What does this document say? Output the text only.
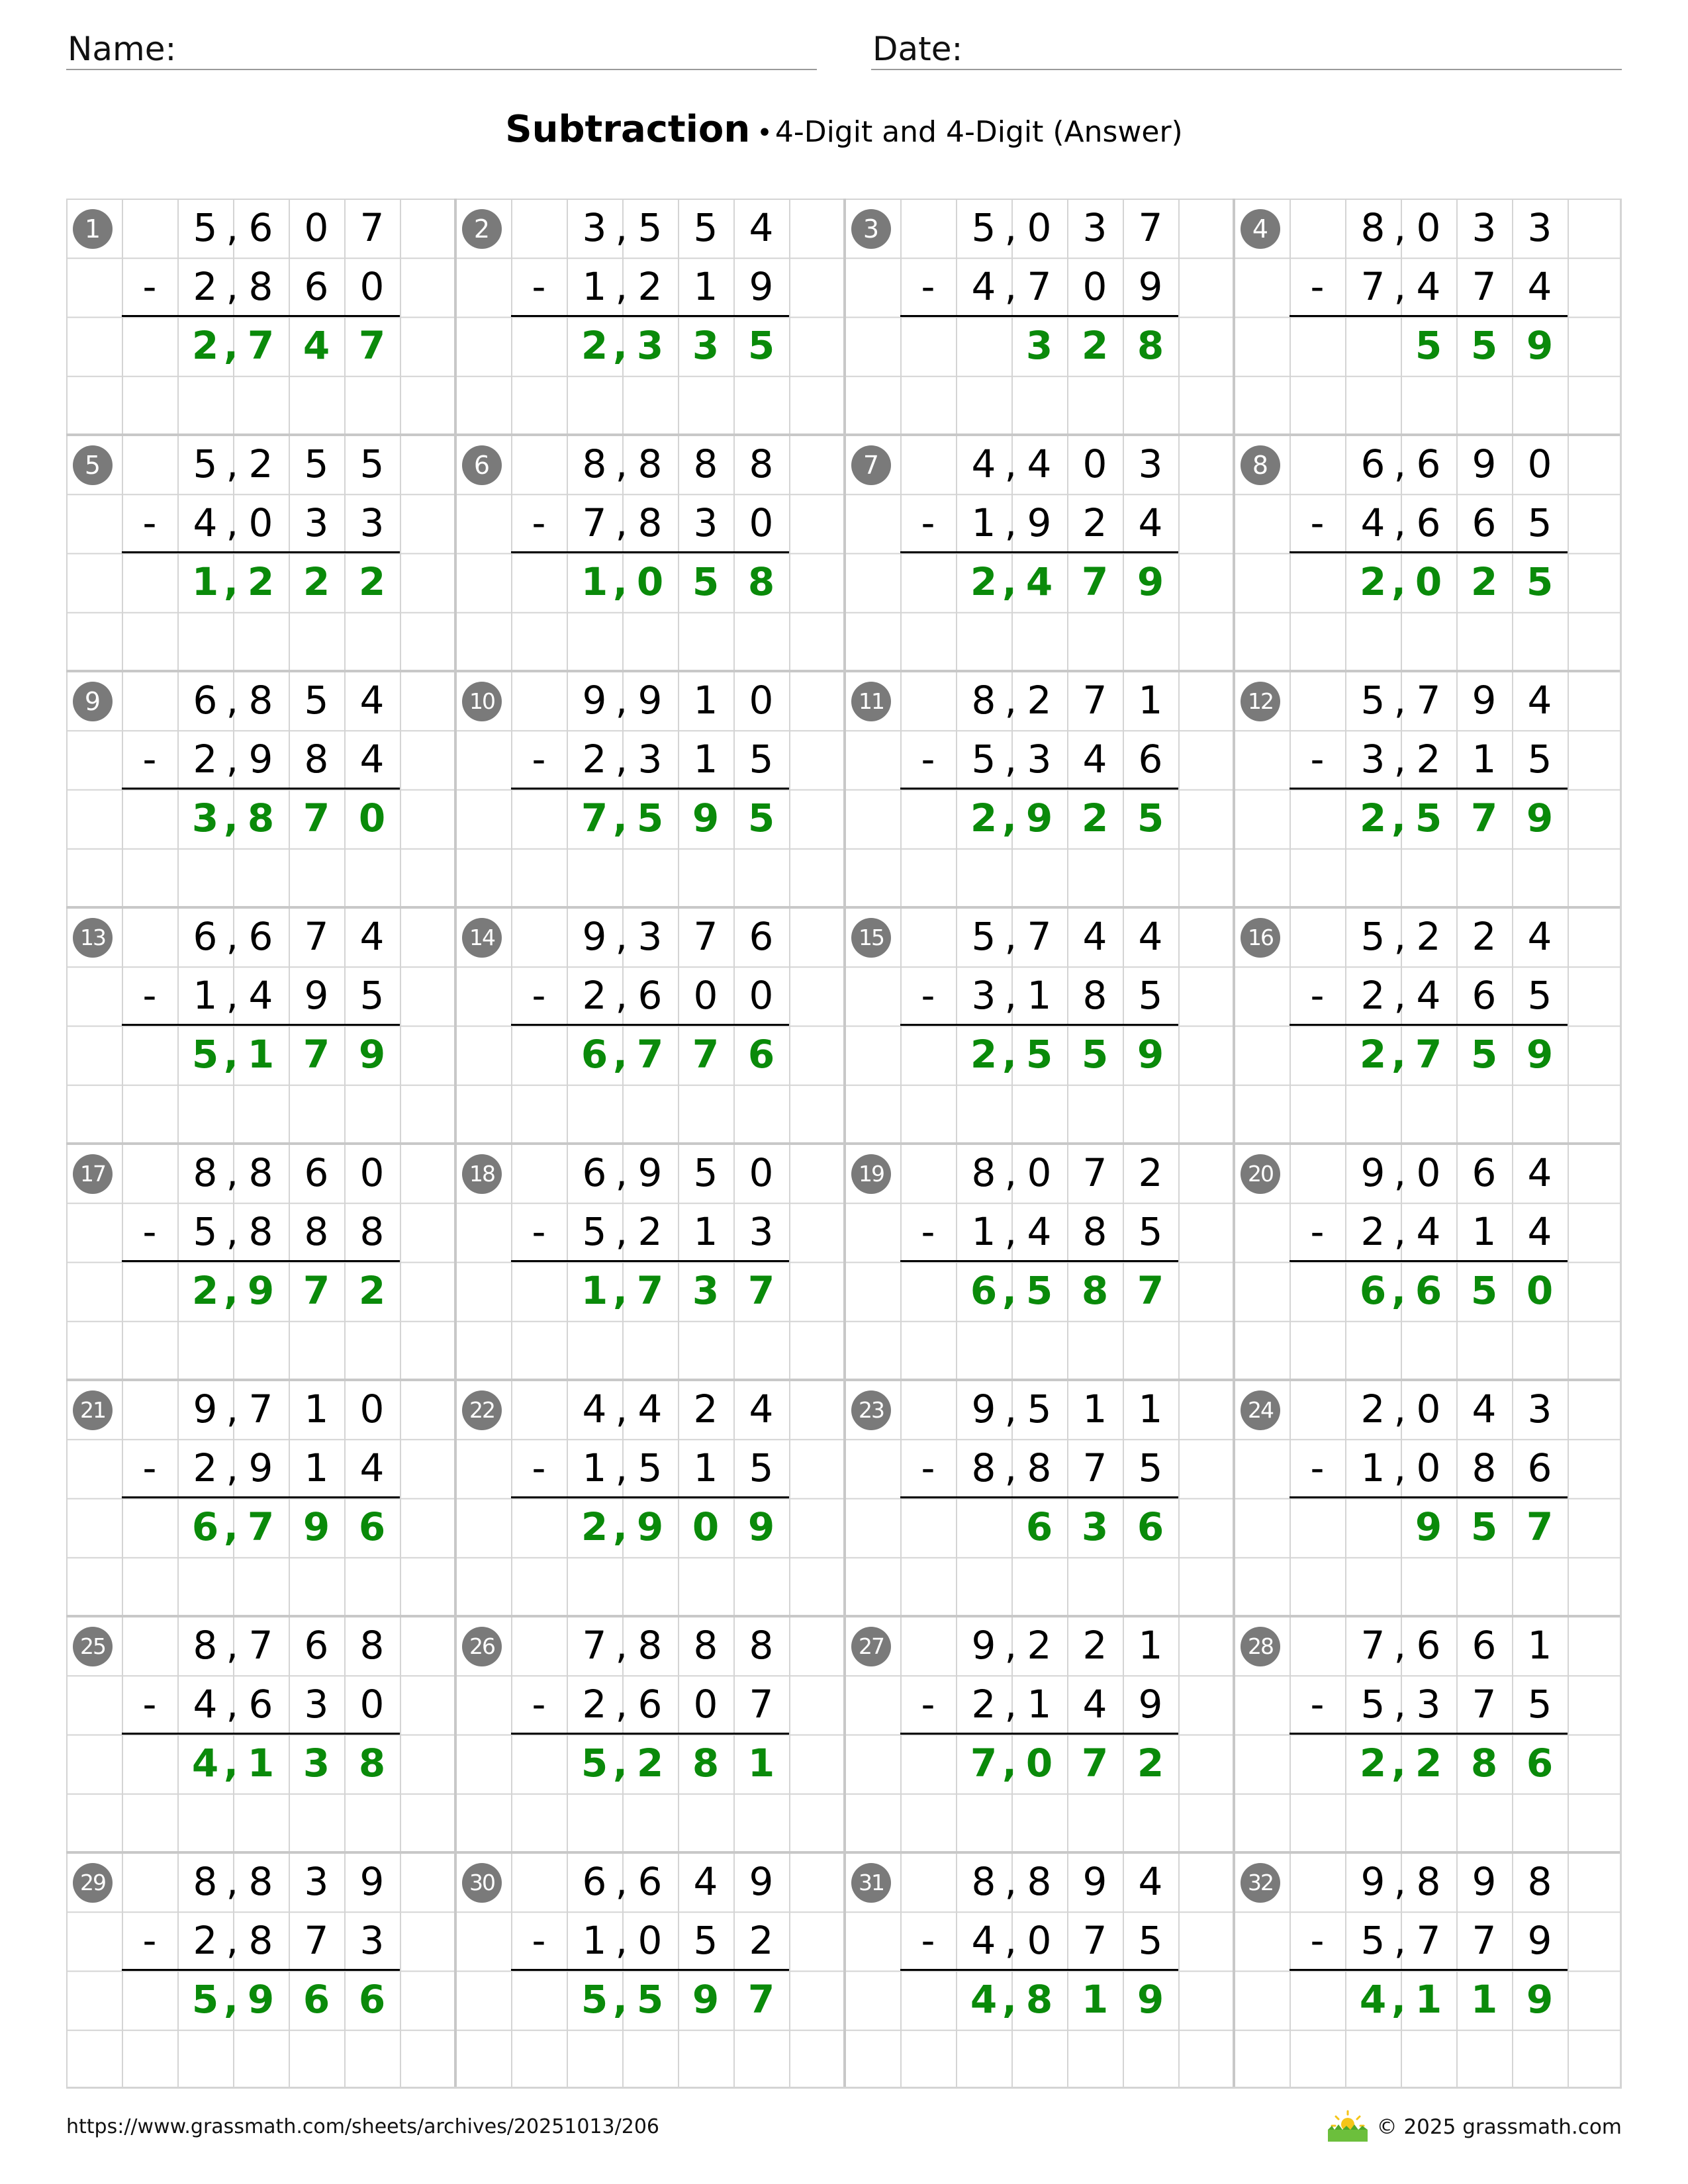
Name:	Date:
Subtraction •4-Digit and 4-Digit (Answer)
1	5 , 6 0 7
- 2 , 8 6 0
2 , 7 4 7
2	3 , 5 5 4
- 1 , 2 1 9
2 , 3 3 5
3	5 , 0 3 7
- 4 , 7 0 9
3 2 8
4	8 , 0 3 3
- 7 , 4 7 4
5 5 9
5	5 , 2 5 5
- 4 , 0 3 3
1 , 2 2 2
6	8 , 8 8 8
- 7 , 8 3 0
1 , 0 5 8
7	4 , 4 0 3
- 1 , 9 2 4
2 , 4 7 9
8	6 , 6 9 0
- 4 , 6 6 5
2 , 0 2 5
9	6 , 8 5 4
- 2 , 9 8 4
3 , 8 7 0
10	9 , 9 1 0
- 2 , 3 1 5
7 , 5 9 5
11	8 , 2 7 1
- 5 , 3 4 6
2 , 9 2 5
12	5 , 7 9 4
- 3 , 2 1 5
2 , 5 7 9
13	6 , 6 7 4
- 1 , 4 9 5
5 , 1 7 9
14	9 , 3 7 6
- 2 , 6 0 0
6 , 7 7 6
15	5 , 7 4 4
- 3 , 1 8 5
2 , 5 5 9
16	5 , 2 2 4
- 2 , 4 6 5
2 , 7 5 9
17	8 , 8 6 0
- 5 , 8 8 8
2 , 9 7 2
18	6 , 9 5 0
- 5 , 2 1 3
1 , 7 3 7
19	8 , 0 7 2
- 1 , 4 8 5
6 , 5 8 7
20	9 , 0 6 4
- 2 , 4 1 4
6 , 6 5 0
21	9 , 7 1 0
- 2 , 9 1 4
6 , 7 9 6
22	4 , 4 2 4
- 1 , 5 1 5
2 , 9 0 9
23	9 , 5 1 1
- 8 , 8 7 5
6 3 6
24	2 , 0 4 3
- 1 , 0 8 6
9 5 7
25	8 , 7 6 8
- 4 , 6 3 0
4 , 1 3 8
26	7 , 8 8 8
- 2 , 6 0 7
5 , 2 8 1
27	9 , 2 2 1
- 2 , 1 4 9
7 , 0 7 2
28	7 , 6 6 1
- 5 , 3 7 5
2 , 2 8 6
29	8 , 8 3 9
- 2 , 8 7 3
5 , 9 6 6
30	6 , 6 4 9
- 1 , 0 5 2
5 , 5 9 7
31	8 , 8 9 4
- 4 , 0 7 5
4 , 8 1 9
32	9 , 8 9 8
- 5 , 7 7 9
4 , 1 1 9
https://www.grassmath.com/sheets/archives/20251013/206	© 2025 grassmath.com
